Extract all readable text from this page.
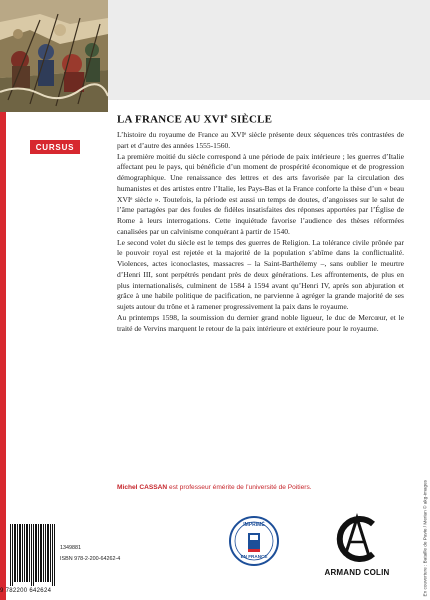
CURSUS
LA FRANCE AU XVIe SIÈCLE

L’histoire du royaume de France au XVIᵉ siècle présente deux séquences très contrastées de part et d’autre des années 1555-1560.

La première moitié du siècle correspond à une période de paix intérieure ; les guerres d’Italie affectant peu le pays, qui bénéficie d’un moment de prospérité économique et de progression démographique. Une renaissance des lettres et des arts favorisée par la circulation des humanistes et des artistes entre l’Italie, les Pays-Bas et la France conforte la thèse d’un « beau XVIᵉ siècle ». Toutefois, la période est aussi un temps de doutes, d’angoisses sur le salut de l’âme partagées par des foules de fidèles insatisfaites des réponses apportées par l’Église de Rome à leurs interrogations. Cette inquiétude favorise l’audience des thèses réformées canalisées par un calvinisme conquérant à partir de 1540.

Le second volet du siècle est le temps des guerres de Religion. La tolérance civile prônée par le pouvoir royal est rejetée et la majorité de la population s’abîme dans la conflictualité. Violences, actes iconoclastes, massacres – la Saint-Barthélemy –, sans oublier le meurtre d’Henri III, sont perpétrés pendant près de deux générations. Les affrontements, de plus en plus internationalisés, culminent de 1584 à 1594 avant qu’Henri IV, après son abjuration et grâce à une habile politique de pacification, ne parvienne à agréger la grande majorité de ses sujets autour du trône et à ramener progressivement la paix dans le royaume.

Au printemps 1598, la soumission du dernier grand noble ligueur, le duc de Mercœur, et le traité de Vervins marquent le retour de la paix intérieure et extérieure pour le royaume.

Michel CASSAN est professeur émérite de l’université de Poitiers.	En couverture : Bataille de Pavie / Merian © akg-images
9 782200 642624
1349881
ISBN 978-2-200-64262-4
IMPRIMÉ
EN FRANCE
ARMAND COLIN
